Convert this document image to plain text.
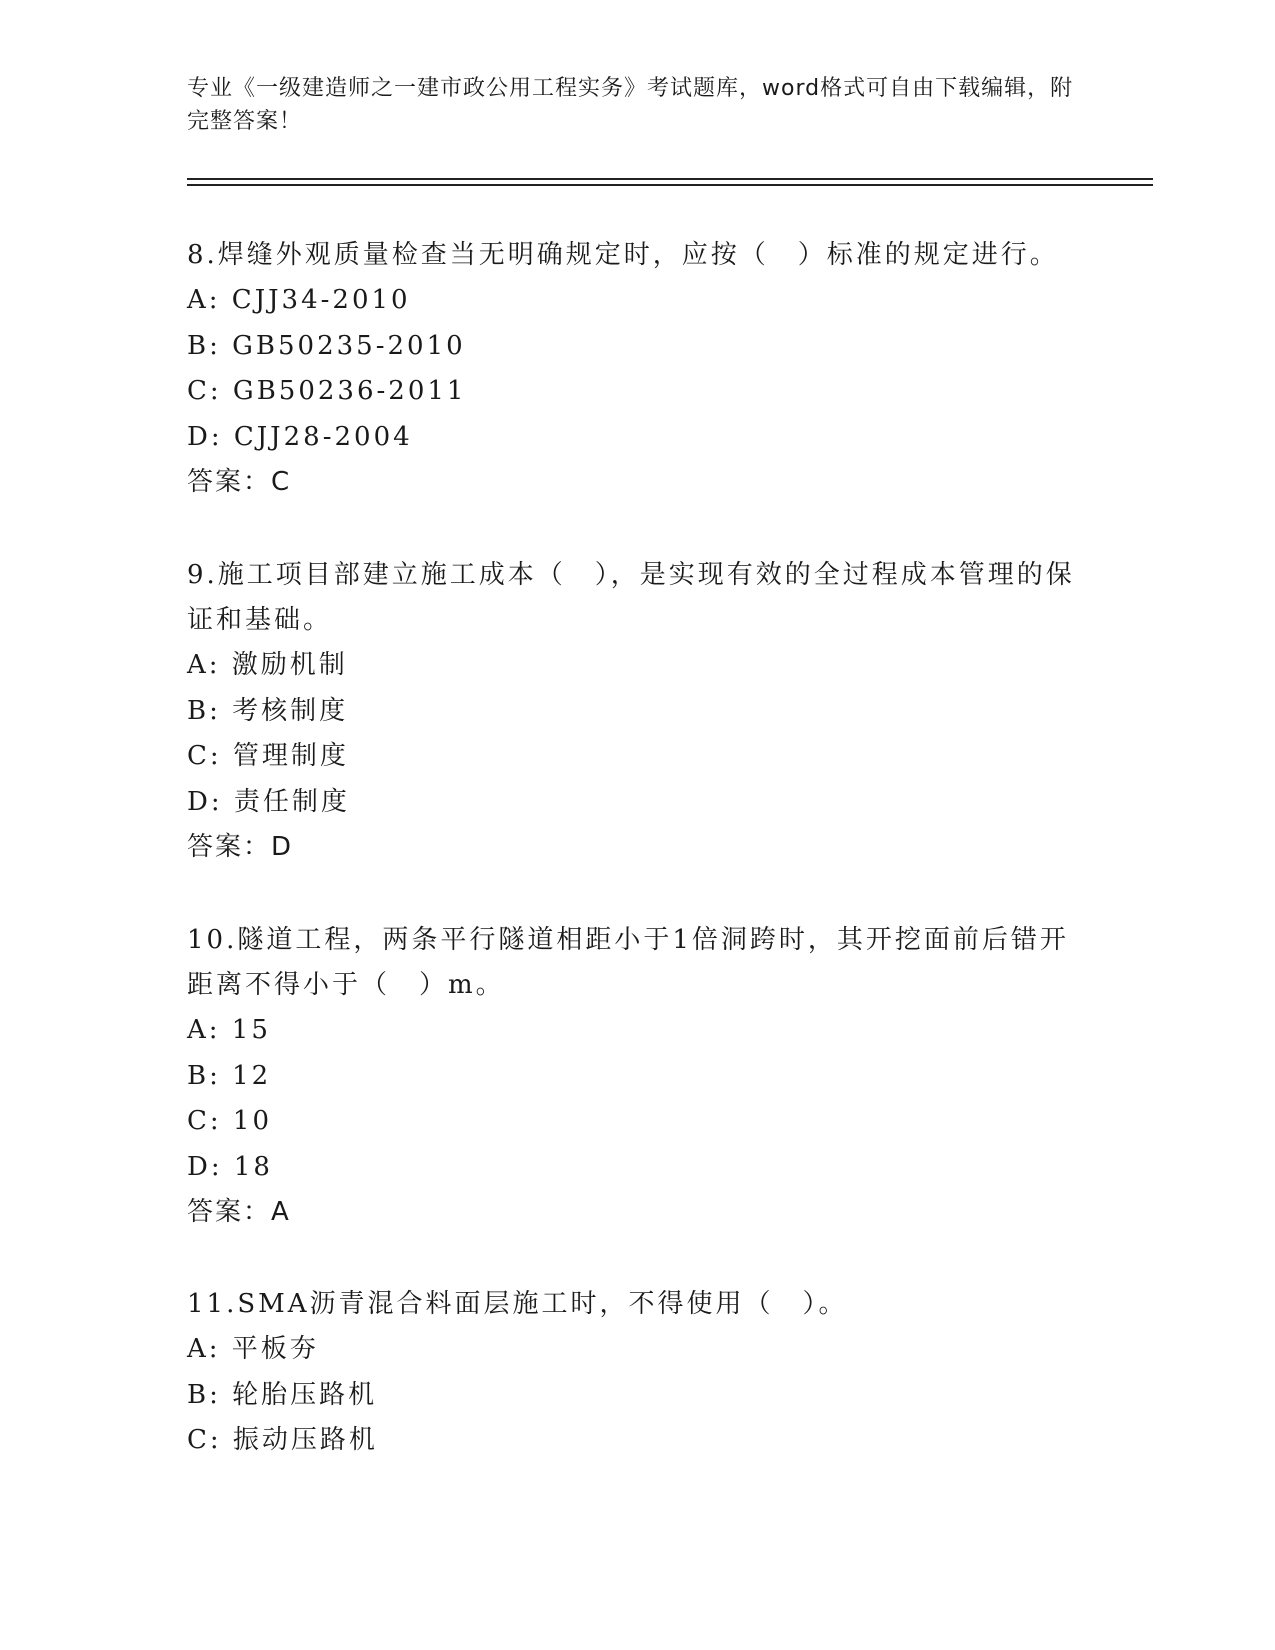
专业《一级建造师之一建市政公用工程实务》考试题库，word格式可自由下载编辑，附完整答案！

8.焊缝外观质量检查当无明确规定时，应按（　）标准的规定进行。

A: CJJ34-2010
B: GB50235-2010
C: GB50236-2011
D: CJJ28-2004
答案：C

9.施工项目部建立施工成本（　），是实现有效的全过程成本管理的保证和基础。

A: 激励机制
B: 考核制度
C: 管理制度
D: 责任制度
答案：D

10.隧道工程，两条平行隧道相距小于1倍洞跨时，其开挖面前后错开距离不得小于（　）m。

A: 15
B: 12
C: 10
D: 18
答案：A

11.SMA沥青混合料面层施工时，不得使用（　）。

A: 平板夯
B: 轮胎压路机
C: 振动压路机
